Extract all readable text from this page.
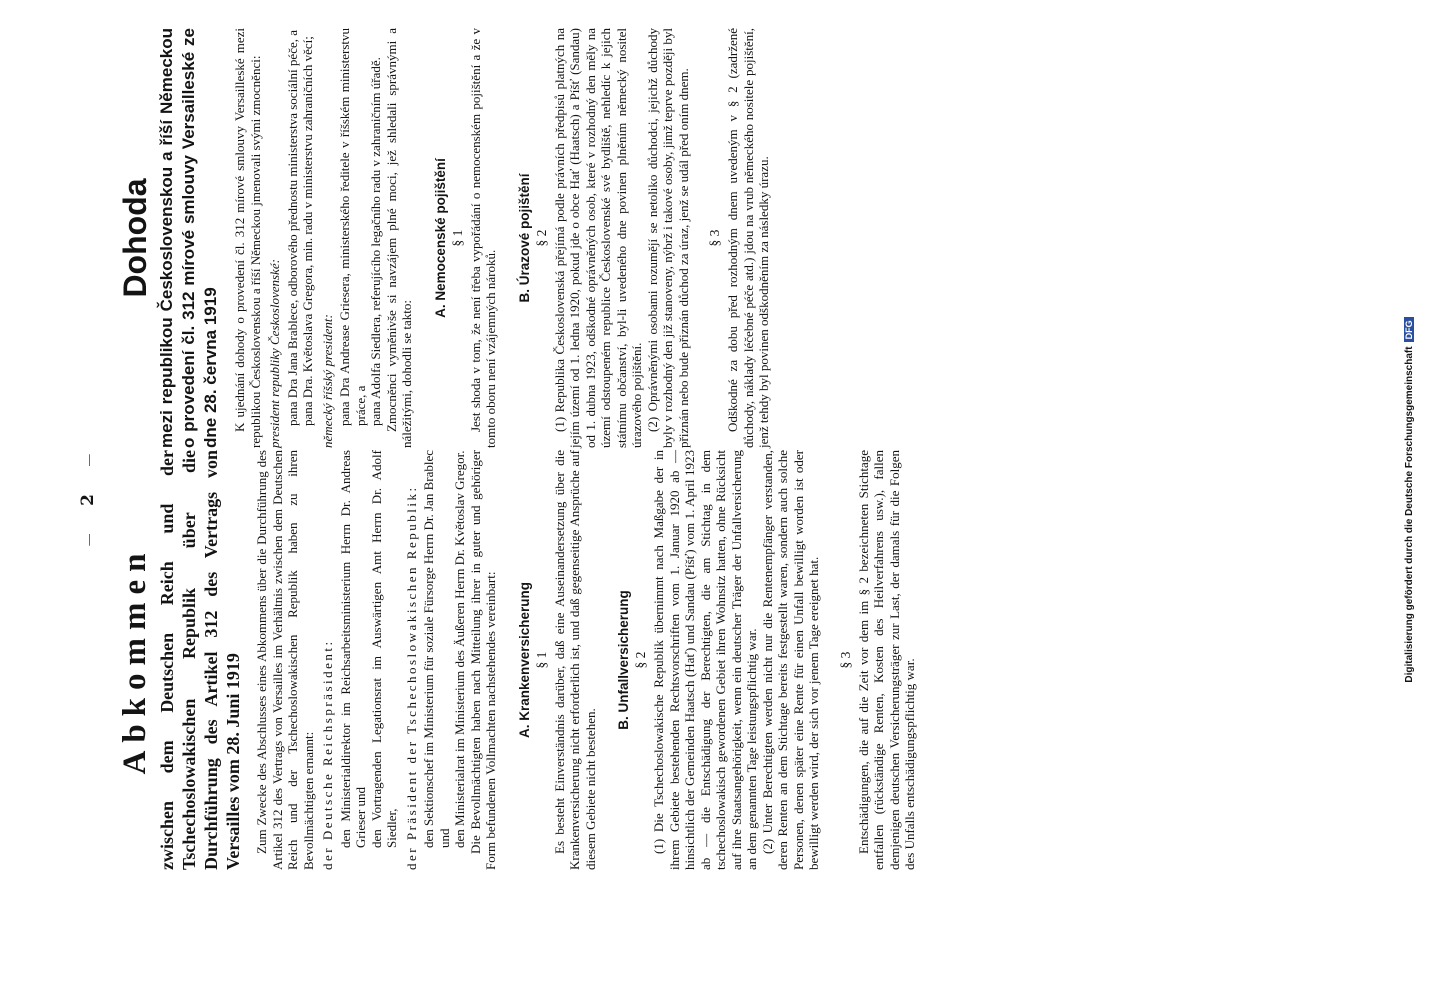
—2—
Abkommen zwischen dem Deutschen Reich und der Tschechoslowakischen Republik über die Durchführung des Artikel 312 des Vertrags von Versailles vom 28. Juni 1919 Zum Zwecke des Abschlusses eines Abkommens über die Durchführung des Artikel 312 des Vertrags von Versailles im Verhältnis zwischen dem Deutschen Reich und der Tschechoslowakischen Republik haben zu ihren Bevollmächtigten ernannt: der Deutsche Reichspräsident: den Ministerialdirektor im Reichsarbeitsministerium Herrn Dr. Andreas Grieser und den Vortragenden Legationsrat im Auswärtigen Amt Herrn Dr. Adolf Siedler, der Präsident der Tschechoslowakischen Republik: den Sektionschef im Ministerium für soziale Fürsorge Herrn Dr. Jan Brablec und den Ministerialrat im Ministerium des Äußeren Herrn Dr. Květoslav Gregor. Die Bevollmächtigten haben nach Mitteilung ihrer in guter und gehöriger Form befundenen Vollmachten nachstehendes vereinbart: A. Krankenversicherung § 1 Es besteht Einverständnis darüber, daß eine Auseinandersetzung über die Krankenversicherung nicht erforderlich ist, und daß gegenseitige Ansprüche auf diesem Gebiete nicht bestehen.

B. Unfallversicherung § 2 (1) Die Tschechoslowakische Republik übernimmt nach Maßgabe der in ihrem Gebiete bestehenden Rechtsvorschriften vom 1. Januar 1920 ab — hinsichtlich der Gemeinden Haatsch (Hať) und Sandau (Píšť) vom 1. April 1923 ab — die Entschädigung der Berechtigten, die am Stichtag in dem tschechoslowakisch gewordenen Gebiet ihren Wohnsitz hatten, ohne Rücksicht auf ihre Staatsangehörigkeit, wenn ein deutscher Träger der Unfallversicherung an dem genannten Tage leistungspflichtig war. (2) Unter Berechtigten werden nicht nur die Rentenempfänger verstanden, deren Renten an dem Stichtage bereits festgestellt waren, sondern auch solche Personen, denen später eine Rente für einen Unfall bewilligt worden ist oder bewilligt werden wird, der sich vor jenem Tage ereignet hat. § 3 Entschädigungen, die auf die Zeit vor dem im § 2 bezeichneten Stichtage entfallen (rückständige Renten, Kosten des Heilverfahrens usw.), fallen demjenigen deutschen Versicherungsträger zur Last, der damals für die Folgen des Unfalls entschädigungspflichtig war.

Dohoda mezi republikou Československou a říší Německou o provedení čl. 312 mírové smlouvy Versailleské ze dne 28. června 1919 K ujednání dohody o provedení čl. 312 mírové smlouvy Versailleské mezi republikou Československou a říší Německou jmenovali svými zmocněnci: president republiky Československé: pana Dra Jana Brablece, odborového přednostu ministerstva sociální péče, a pana Dra. Květoslava Gregora, min. radu v ministerstvu zahraničních věcí; německý říšský president: pana Dra Andreasе Griesera, ministerského ředitele v říšském ministerstvu práce, a pana Adolfa Siedlera, referujícího legačního radu v zahraničním úřadě. Zmocněnci vyměnivše si navzájem plné moci, jež shledali správnými a náležitými, dohodli se takto:

A. Nemocenské pojištění § 1 Jest shoda v tom, že není třeba vypořádání o nemocenském pojištění a že v tomto oboru není vzájemných nároků.

B. Úrazové pojištění § 2 (1) Republika Československá přejímá podle právních předpisů platných na jejím území od 1. ledna 1920, pokud jde o obce Hať (Haatsch) a Píšť (Sandau) od 1. dubna 1923, odškodné oprávněných osob, které v rozhodný den měly na území odstoupeném republice Československé své bydliště, nehledíc k jejich státnímu občanství, byl-li uvedeného dne povinen plněním německý nositel úrazového pojištění. (2) Oprávněnými osobami rozumějí se netoliko důchodci, jejichž důchody byly v rozhodný den již stanoveny, nýbrž i takové osoby, jimž teprve později byl přiznán nebo bude přiznán důchod za úraz, jenž se udál před oním dnem. § 3 Odškodné za dobu před rozhodným dnem uvedeným v § 2 (zadržené důchody, náklady léčebné péče atd.) jdou na vrub německého nositele pojištění, jenž tehdy byl povinen odškodněním za následky úrazu.

Digitalisierung gefördert durch die Deutsche ForschungsgemeinschaftDFG
